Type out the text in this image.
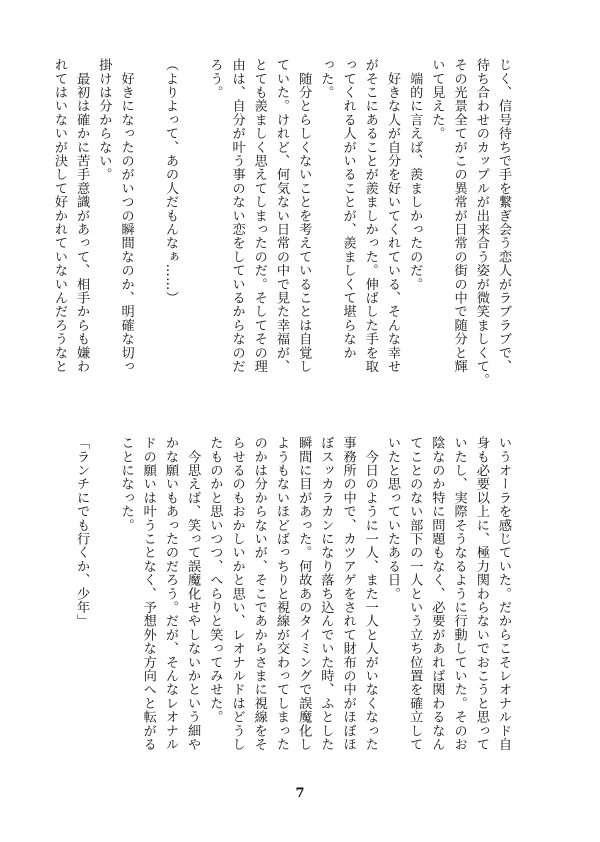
じく、信号待ちで手を繋ぎ会う恋人がラブラブで、
待ち合わせのカップルが出来合う姿が微笑ましくて。
その光景全てがこの異常が日常の街の中で随分と輝
いて見えた。
　端的に言えば、羨ましかったのだ。
　好きな人が自分を好いてくれている、そんな幸せ
がそこにあることが羨ましかった。伸ばした手を取
ってくれる人がいることが、羨ましくて堪らなか
った。
　随分とらしくないことを考えていることは自覚し
ていた。けれど、何気ない日常の中で見た幸福が、
とても羨ましく思えてしまったのだ。そしてその理
由は、自分が叶う事のない恋をしているからなのだ
ろう。

（よりよって、あの人だもんなぁ……）

　好きになったのがいつの瞬間なのか、明確な切っ
掛けは分からない。
　最初は確かに苦手意識があって、相手からも嫌わ
れてはいないが決して好かれていないんだろうなと
いうオーラを感じていた。だからこそレオナルド自
身も必要以上に、極力関わらないでおこうと思って
いたし、実際そうなるように行動していた。そのお
陰なのか特に問題もなく、必要があれば関わるなん
てことのない部下の一人という立ち位置を確立して
いたと思っていたある日。
　今日のように一人、また一人と人がいなくなった
事務所の中で、カツアゲをされて財布の中がほぼほ
ぼスッカラカンになり落ち込んでいた時、ふとした
瞬間に目があった。何故あのタイミングで誤魔化し
ようもないほどばっちりと視線が交わってしまった
のかは分からないが、そこであからさまに視線をそ
らせるのもおかしいかと思い、レオナルドはどうし
たものかと思いつつ、へらりと笑ってみせた。
　今思えば、笑って誤魔化せやしないかという細や
かな願いもあったのだろう。だが、そんなレオナル
ドの願いは叶うことなく、予想外な方向へと転がる
ことになった。

「ランチにでも行くか、少年」
7
